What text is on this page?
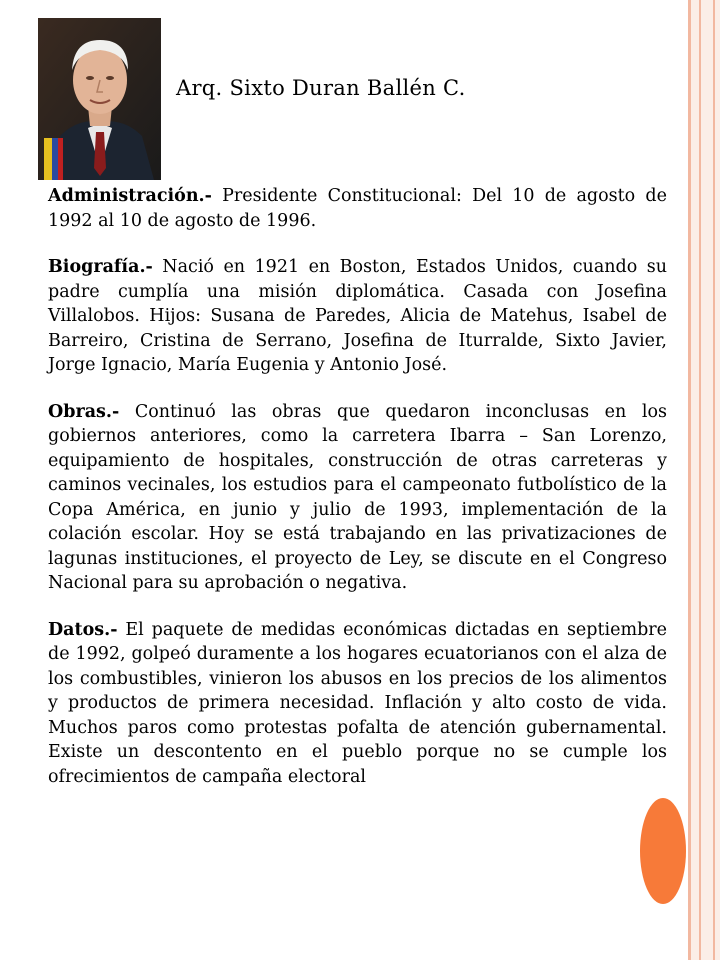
Arq. Sixto Duran Ballén C.

Administración.- Presidente Constitucional: Del 10 de agosto de 1992 al 10 de agosto de 1996.

Biografía.- Nació en 1921 en Boston, Estados Unidos, cuando su padre cumplía una misión diplomática. Casada con Josefina Villalobos. Hijos: Susana de Paredes, Alicia de Matehus, Isabel de Barreiro, Cristina de Serrano, Josefina de Iturralde, Sixto Javier, Jorge Ignacio, María Eugenia y Antonio José.

Obras.- Continuó las obras que quedaron inconclusas en los gobiernos anteriores, como la carretera Ibarra – San Lorenzo, equipamiento de hospitales, construcción de otras carreteras y caminos vecinales, los estudios para el campeonato futbolístico de la Copa América, en junio y julio de 1993, implementación de la colación escolar. Hoy se está trabajando en las privatizaciones de lagunas instituciones, el proyecto de Ley, se discute en el Congreso Nacional para su aprobación o negativa.

Datos.- El paquete de medidas económicas dictadas en septiembre de 1992, golpeó duramente a los hogares ecuatorianos con el alza de los combustibles, vinieron los abusos en los precios de los alimentos y productos de primera necesidad. Inflación y alto costo de vida. Muchos paros como protestas pofalta de atención gubernamental. Existe un descontento en el pueblo porque no se cumple los ofrecimientos de campaña electoral
